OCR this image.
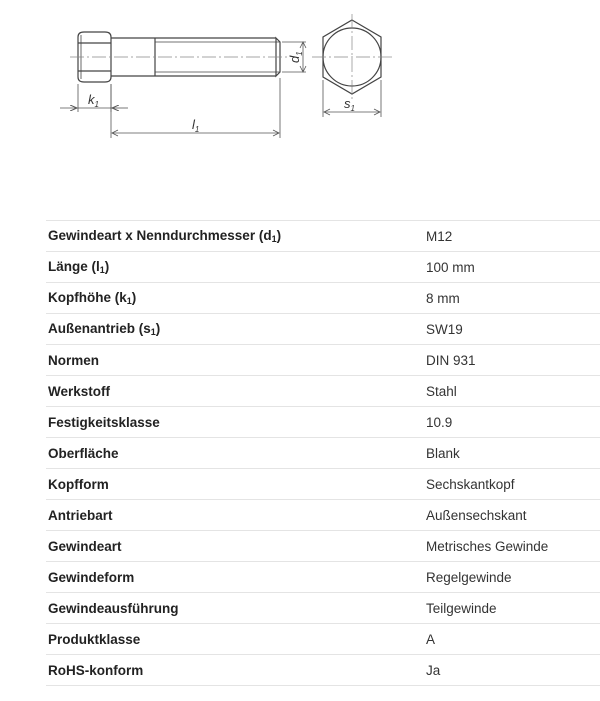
$k_1$
$l_1$
$s_1$
$d_1$
Gewindeart x Nenndurchmesser $(d_1)$	M12
Länge $(l_1)$	100 mm
Kopfhöhe $(k_1)$	8 mm
Außenantrieb $(s_1)$	SW19
Normen	DIN 931
Werkstoff	Stahl
Festigkeitsklasse	10.9
Oberfläche	Blank
Kopfform	Sechskantkopf
Antriebart	Außensechskant
Gewindeart	Metrisches Gewinde
Gewindeform	Regelgewinde
Gewindeausführung	Teilgewinde
Produktklasse	A
RoHS-konform	Ja
